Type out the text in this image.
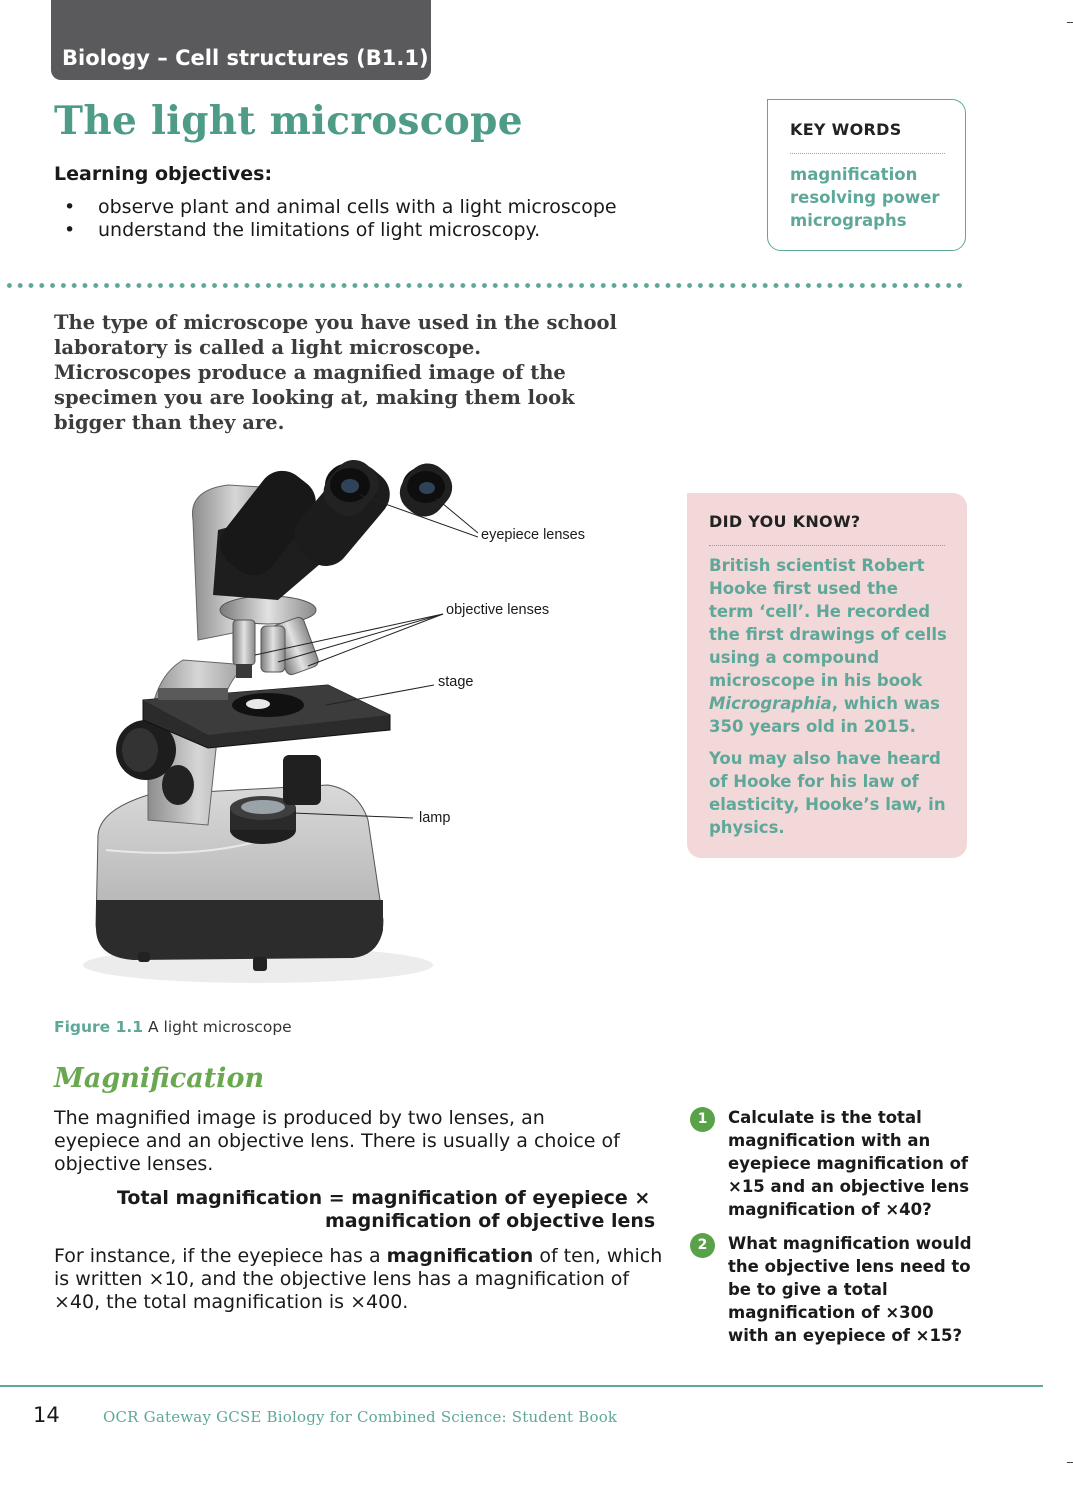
Biology – Cell structures (B1.1)
The light microscope
Learning objectives:
• observe plant and animal cells with a light microscope
• understand the limitations of light microscopy.
KEY WORDS
magnification
resolving power
micrographs
The type of microscope you have used in the school laboratory is called a light microscope. Microscopes produce a magnified image of the specimen you are looking at, making them look bigger than they are.
eyepiece lenses
objective lenses
stage
lamp
DID YOU KNOW?

British scientist Robert Hooke first used the term ‘cell’. He recorded the first drawings of cells using a compound microscope in his book Micrographia, which was 350 years old in 2015.

You may also have heard of Hooke for his law of elasticity, Hooke’s law, in physics.

Figure 1.1 A light microscope
Magnification
The magnified image is produced by two lenses, an eyepiece and an objective lens. There is usually a choice of objective lenses.
Total magnification = magnification of eyepiece ×
magnification of objective lens
For instance, if the eyepiece has a magnification of ten, which is written ×10, and the objective lens has a magnification of ×40, the total magnification is ×400.
1	Calculate is the total magnification with an eyepiece magnification of ×15 and an objective lens magnification of ×40?
2	What magnification would the objective lens need to be to give a total magnification of ×300 with an eyepiece of ×15?
14	OCR Gateway GCSE Biology for Combined Science: Student Book
